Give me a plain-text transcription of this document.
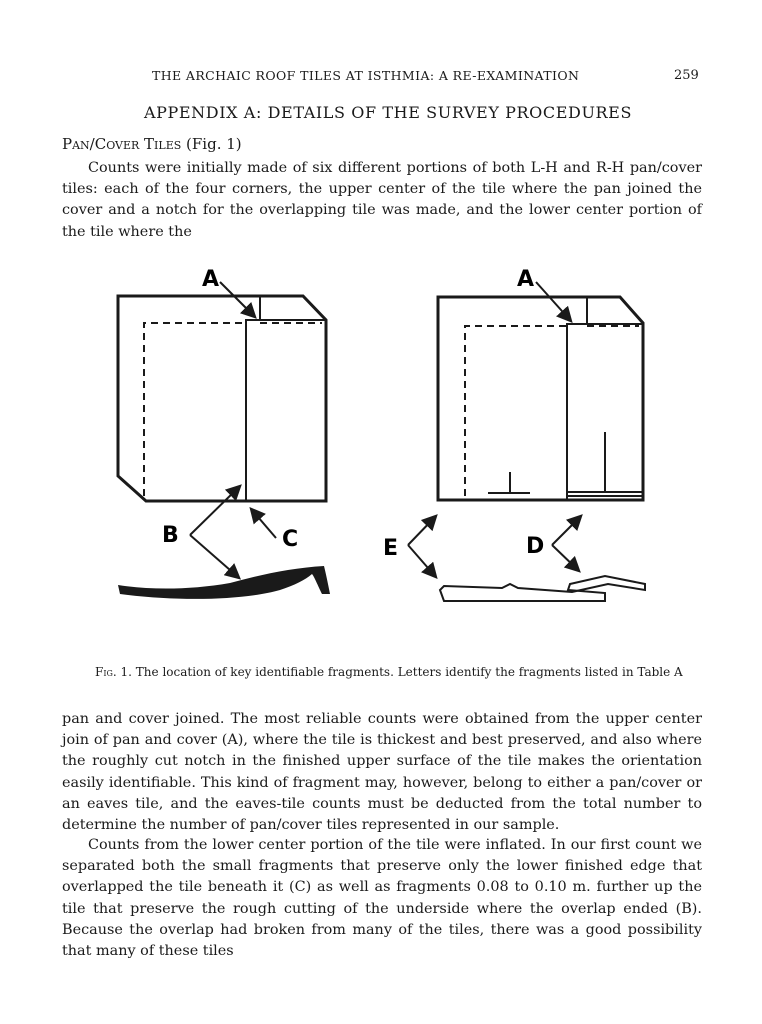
THE ARCHAIC ROOF TILES AT ISTHMIA: A RE-EXAMINATION	259
APPENDIX A: DETAILS OF THE SURVEY PROCEDURES
Pan/Cover Tiles (Fig. 1)

Counts were initially made of six different portions of both L-H and R-H pan/cover tiles: each of the four corners, the upper center of the tile where the pan joined the cover and a notch for the overlapping tile was made, and the lower center portion of the tile where the

A	A
B	C	E	D
Fig. 1. The location of key identifiable fragments. Letters identify the fragments listed in Table A

pan and cover joined. The most reliable counts were obtained from the upper center join of pan and cover (A), where the tile is thickest and best preserved, and also where the roughly cut notch in the finished upper surface of the tile makes the orientation easily identifiable. This kind of fragment may, however, belong to either a pan/cover or an eaves tile, and the eaves-tile counts must be deducted from the total number to determine the number of pan/cover tiles represented in our sample.

Counts from the lower center portion of the tile were inflated. In our first count we separated both the small fragments that preserve only the lower finished edge that overlapped the tile beneath it (C) as well as fragments 0.08 to 0.10 m. further up the tile that preserve the rough cutting of the underside where the overlap ended (B). Because the overlap had broken from many of the tiles, there was a good possibility that many of these tiles
